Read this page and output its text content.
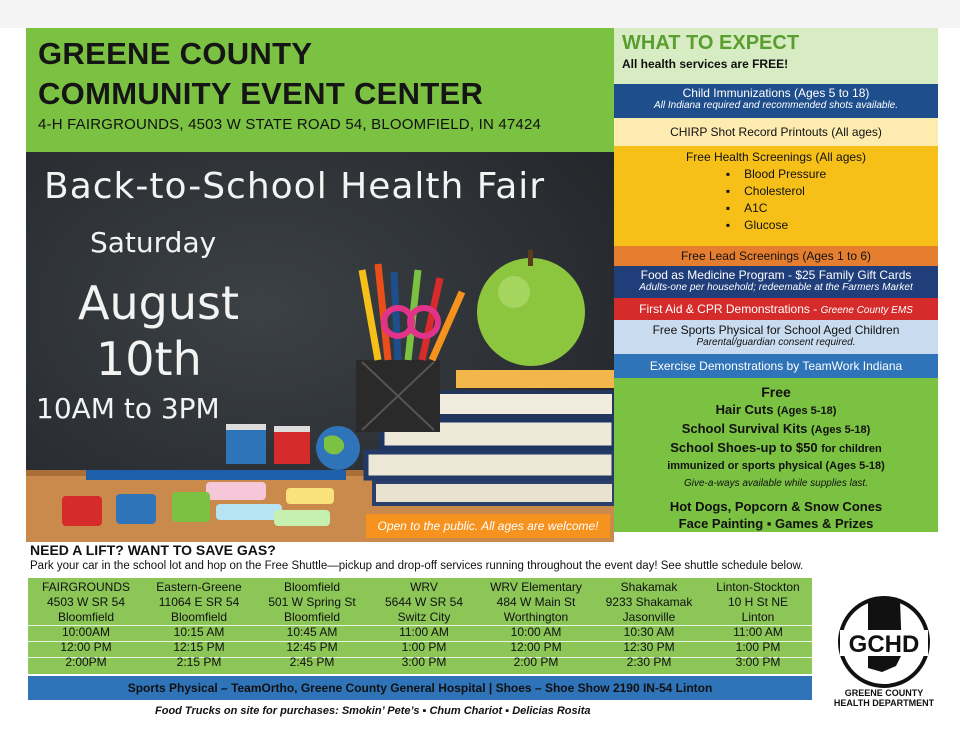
GREENE COUNTY
COMMUNITY EVENT CENTER
4-H FAIRGROUNDS, 4503 W STATE ROAD 54, BLOOMFIELD, IN 47424
Back-to-School Health Fair
Saturday
August
10th
10AM to 3PM
Open to the public. All ages are welcome!
WHAT TO EXPECT
All health services are FREE!
Child Immunizations (Ages 5 to 18)
All Indiana required and recommended shots available.
CHIRP Shot Record Printouts (All ages)
Free Health Screenings (All ages)
▪ Blood Pressure
▪ Cholesterol
▪ A1C
▪ Glucose
Free Lead Screenings (Ages 1 to 6)
Food as Medicine Program - $25 Family Gift Cards
Adults-one per household; redeemable at the Farmers Market
First Aid & CPR Demonstrations - Greene County EMS
Free Sports Physical for School Aged Children
Parental/guardian consent required.
Exercise Demonstrations by TeamWork Indiana
Free
Hair Cuts (Ages 5-18)
School Survival Kits (Ages 5-18)
School Shoes-up to $50 for children
immunized or sports physical (Ages 5-18)
Give-a-ways available while supplies last.
Hot Dogs, Popcorn & Snow Cones
Face Painting ▪ Games & Prizes
NEED A LIFT? WANT TO SAVE GAS?
Park your car in the school lot and hop on the Free Shuttle—pickup and drop-off services running throughout the event day! See shuttle schedule below.
FAIRGROUNDS
4503 W SR 54
Bloomfield
10:00AM
12:00 PM
2:00PM
Eastern-Greene
11064 E SR 54
Bloomfield
10:15 AM
12:15 PM
2:15 PM
Bloomfield
501 W Spring St
Bloomfield
10:45 AM
12:45 PM
2:45 PM
WRV
5644 W SR 54
Switz City
11:00 AM
1:00 PM
3:00 PM
WRV Elementary
484 W Main St
Worthington
10:00 AM
12:00 PM
2:00 PM
Shakamak
9233 Shakamak
Jasonville
10:30 AM
12:30 PM
2:30 PM
Linton-Stockton
10 H St NE
Linton
11:00 AM
1:00 PM
3:00 PM
Sports Physical – TeamOrtho, Greene County General Hospital | Shoes – Shoe Show 2190 IN-54 Linton
Food Trucks on site for purchases: Smokin’ Pete’s ▪ Chum Chariot ▪ Delicias Rosita
GCHD
GREENE COUNTY
HEALTH DEPARTMENT
